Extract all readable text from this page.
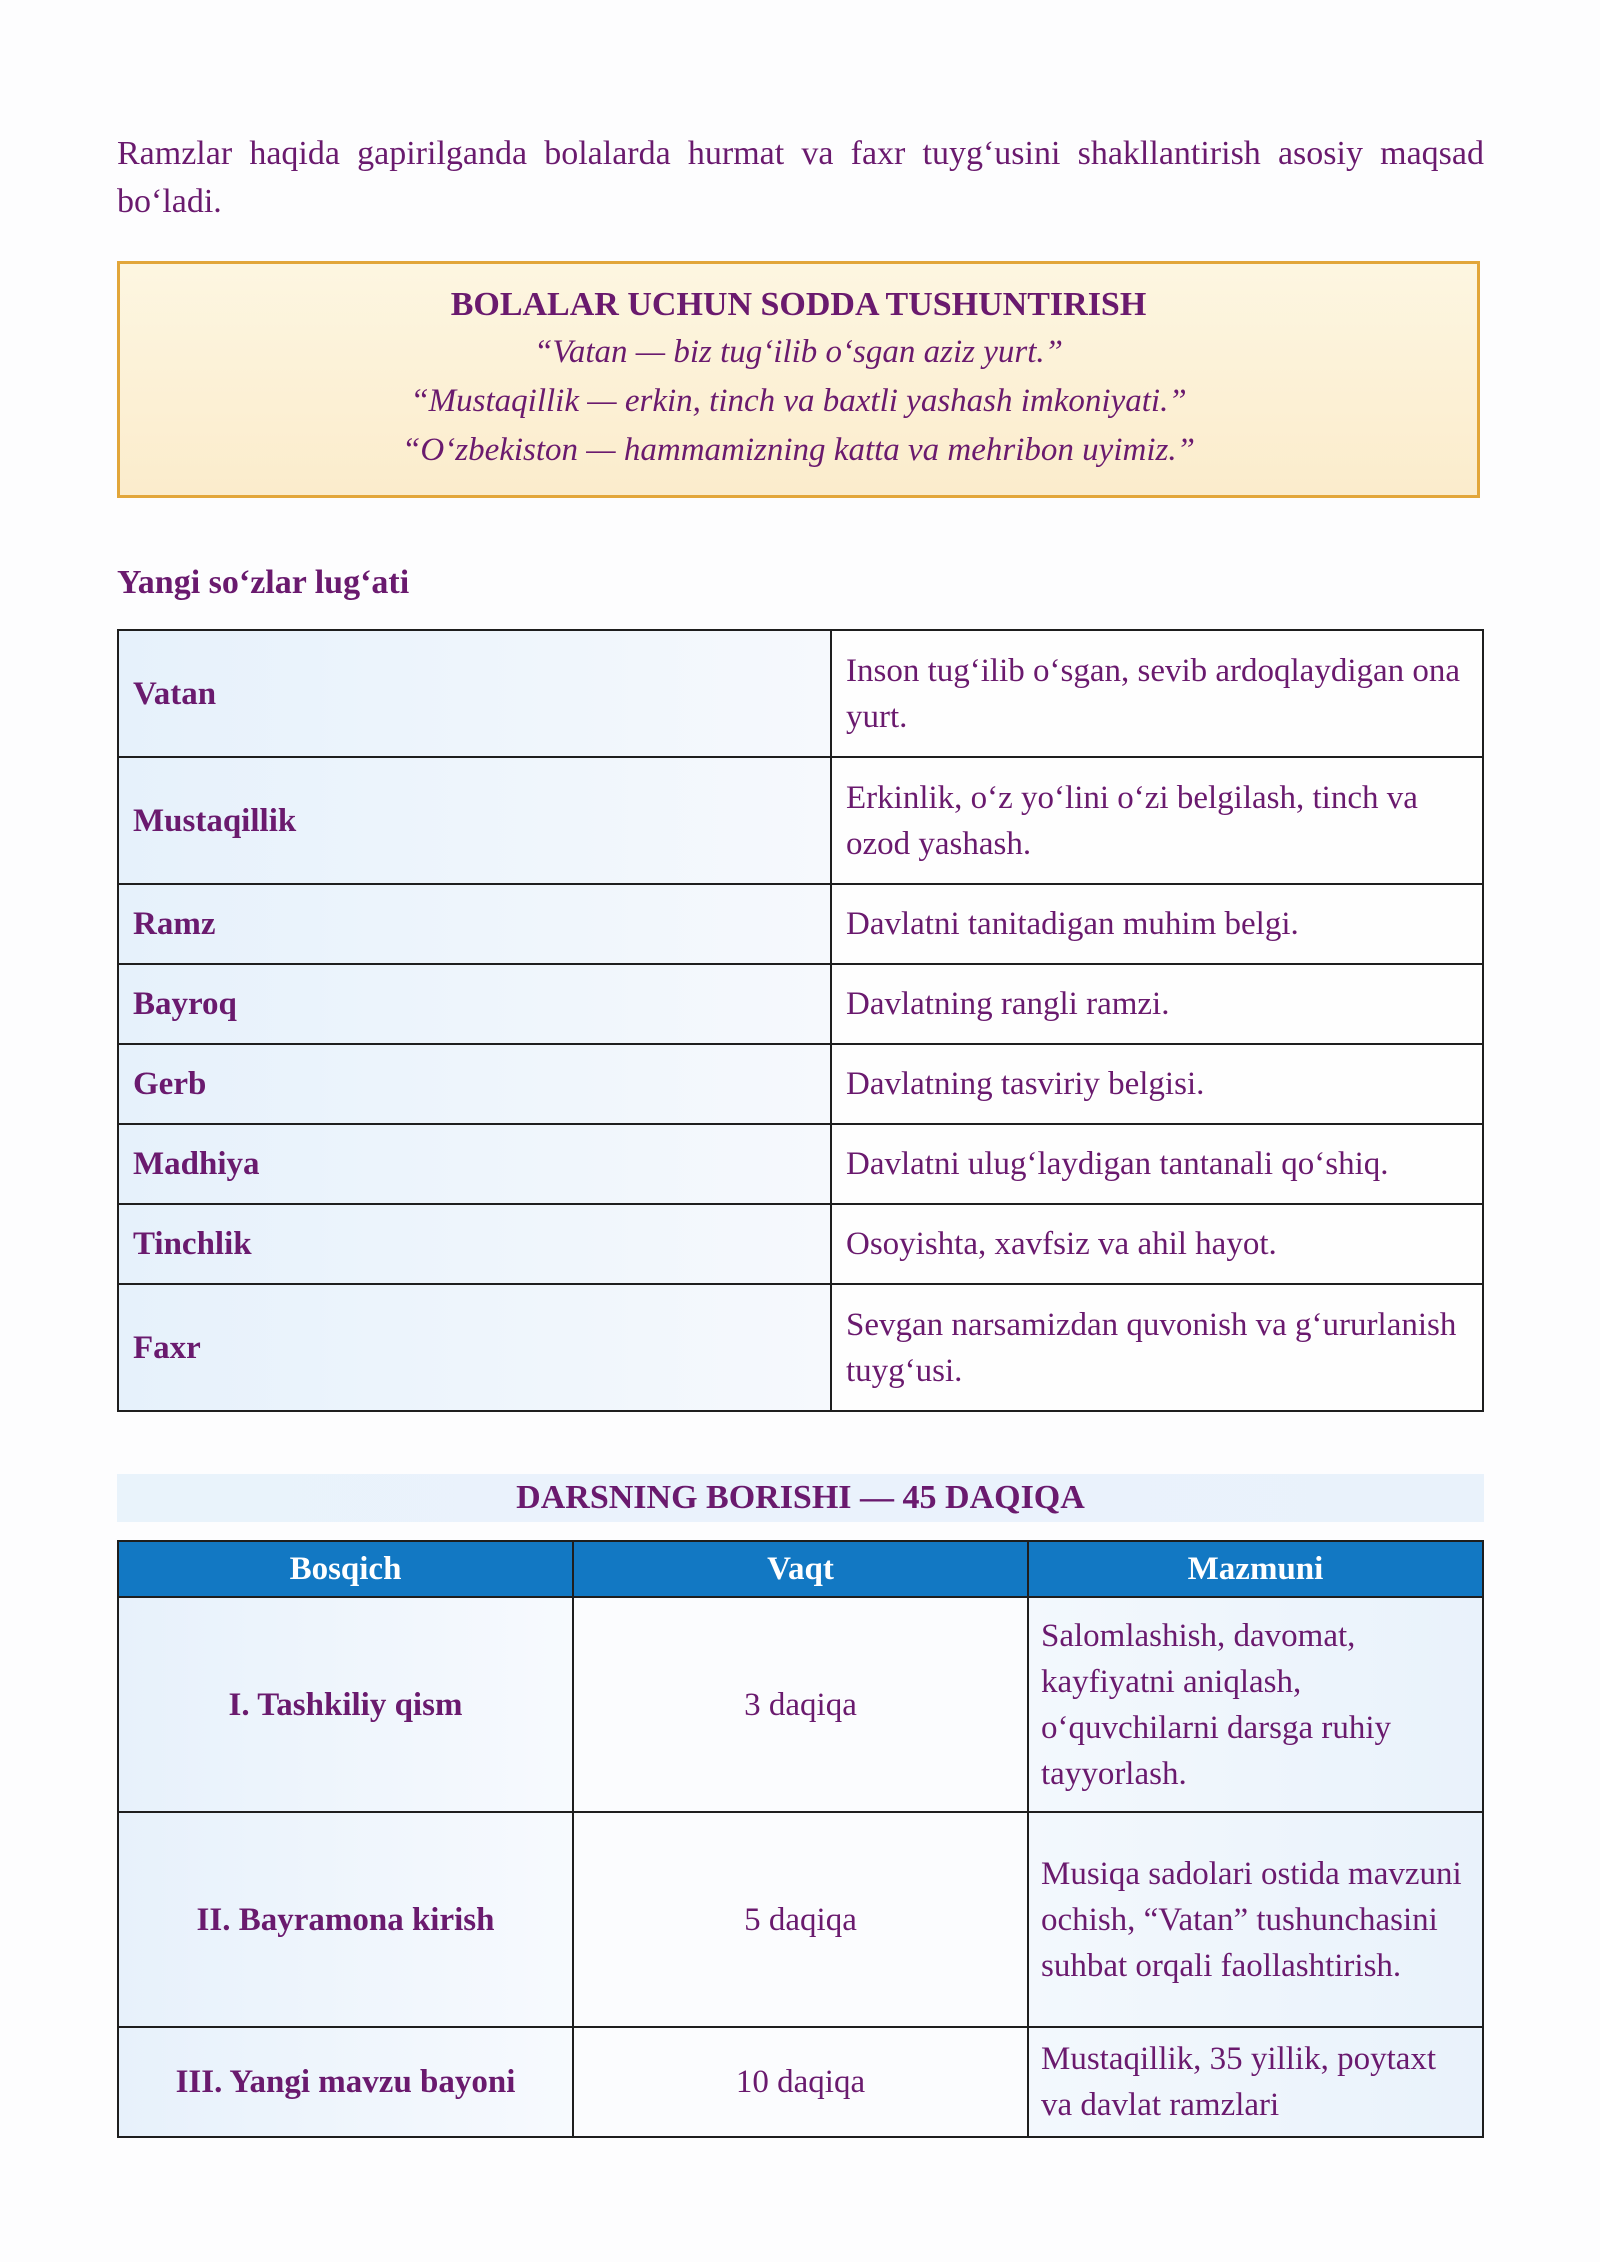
Ramzlar haqida gapirilganda bolalarda hurmat va faxr tuyg‘usini shakllantirish asosiy maqsad bo‘ladi.

BOLALAR UCHUN SODDA TUSHUNTIRISH
“Vatan — biz tug‘ilib o‘sgan aziz yurt.”
“Mustaqillik — erkin, tinch va baxtli yashash imkoniyati.”
“O‘zbekiston — hammamizning katta va mehribon uyimiz.”
Yangi so‘zlar lug‘ati
Vatan	Inson tug‘ilib o‘sgan, sevib ardoqlaydigan ona yurt.
Mustaqillik	Erkinlik, o‘z yo‘lini o‘zi belgilash, tinch va ozod yashash.
Ramz	Davlatni tanitadigan muhim belgi.
Bayroq	Davlatning rangli ramzi.
Gerb	Davlatning tasviriy belgisi.
Madhiya	Davlatni ulug‘laydigan tantanali qo‘shiq.
Tinchlik	Osoyishta, xavfsiz va ahil hayot.
Faxr	Sevgan narsamizdan quvonish va g‘ururlanish tuyg‘usi.
DARSNING BORISHI — 45 DAQIQA
Bosqich	Vaqt	Mazmuni
I. Tashkiliy qism	3 daqiqa	Salomlashish, davomat, kayfiyatni aniqlash, o‘quvchilarni darsga ruhiy tayyorlash.
II. Bayramona kirish	5 daqiqa	Musiqa sadolari ostida mavzuni ochish, “Vatan” tushunchasini suhbat orqali faollashtirish.
III. Yangi mavzu bayoni	10 daqiqa	Mustaqillik, 35 yillik, poytaxt va davlat ramzlari
